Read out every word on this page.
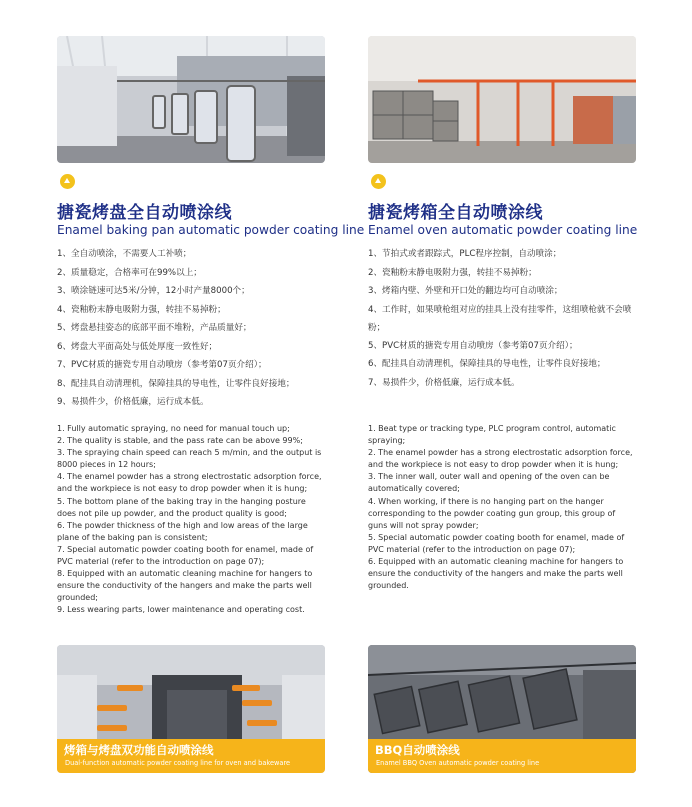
搪瓷烤盘全自动喷涂线
Enamel baking pan automatic powder coating line
1、全自动喷涂，不需要人工补喷；
2、质量稳定，合格率可在99%以上；
3、喷涂链速可达5米/分钟，12小时产量8000个；
4、瓷釉粉末静电吸附力强，转挂不易掉粉；
5、烤盘悬挂姿态的底部平面不堆粉，产品质量好；
6、烤盘大平面高处与低处厚度一致性好；
7、PVC材质的搪瓷专用自动喷房（参考第07页介绍）；
8、配挂具自动清理机，保障挂具的导电性，让零件良好接地；
9、易损件少，价格低廉，运行成本低。
1. Fully automatic spraying, no need for manual touch up;
2. The quality is stable, and the pass rate can be above 99%;
3. The spraying chain speed can reach 5 m/min, and the output is 8000 pieces in 12 hours;
4. The enamel powder has a strong electrostatic adsorption force, and the workpiece is not easy to drop powder when it is hung;
5. The bottom plane of the baking tray in the hanging posture does not pile up powder, and the product quality is good;
6. The powder thickness of the high and low areas of the large plane of the baking pan is consistent;
7. Special automatic powder coating booth for enamel, made of PVC material (refer to the introduction on page 07);
8. Equipped with an automatic cleaning machine for hangers to ensure the conductivity of the hangers and make the parts well grounded;
9. Less wearing parts, lower maintenance and operating cost.
烤箱与烤盘双功能自动喷涂线
Dual-function automatic powder coating line for oven and bakeware
搪瓷烤箱全自动喷涂线
Enamel oven automatic powder coating line
1、节拍式或者跟踪式，PLC程序控制，自动喷涂；
2、瓷釉粉末静电吸附力强，转挂不易掉粉；
3、烤箱内壁、外壁和开口处的翻边均可自动喷涂；
4、工作时，如果喷枪组对应的挂具上没有挂零件，这组喷枪就不会喷粉；
5、PVC材质的搪瓷专用自动喷房（参考第07页介绍）；
6、配挂具自动清理机，保障挂具的导电性，让零件良好接地；
7、易损件少，价格低廉，运行成本低。
1. Beat type or tracking type, PLC program control, automatic spraying;
2. The enamel powder has a strong electrostatic adsorption force, and the workpiece is not easy to drop powder when it is hung;
3. The inner wall, outer wall and opening of the oven can be automatically covered;
4. When working, if there is no hanging part on the hanger corresponding to the powder coating gun group, this group of guns will not spray powder;
5. Special automatic powder coating booth for enamel, made of PVC material (refer to the introduction on page 07);
6. Equipped with an automatic cleaning machine for hangers to ensure the conductivity of the hangers and make the parts well grounded.
BBQ自动喷涂线
Enamel BBQ Oven automatic powder coating line
